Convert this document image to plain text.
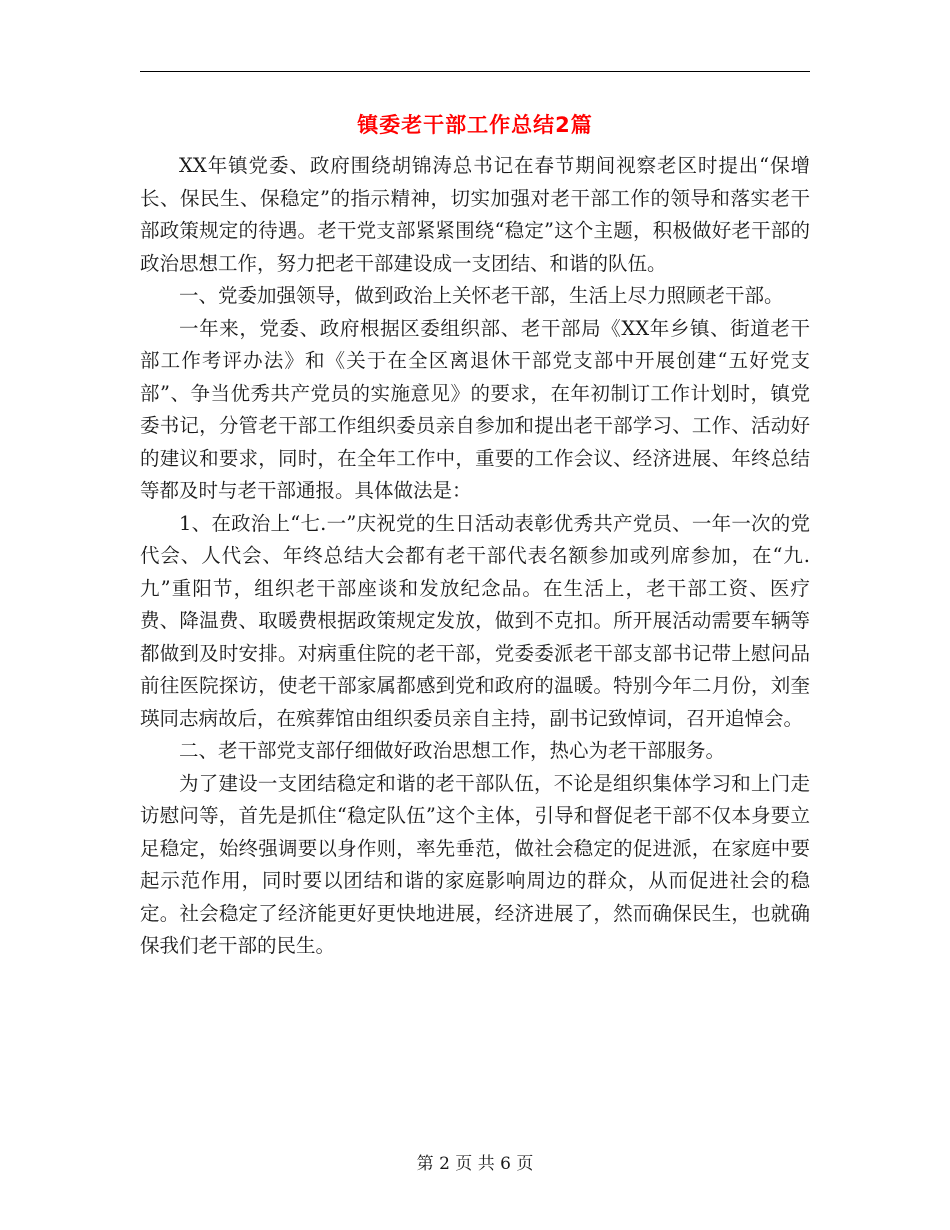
镇委老干部工作总结2篇

XX年镇党委、政府围绕胡锦涛总书记在春节期间视察老区时提出“保增长、保民生、保稳定”的指示精神，切实加强对老干部工作的领导和落实老干部政策规定的待遇。老干党支部紧紧围绕“稳定”这个主题，积极做好老干部的政治思想工作，努力把老干部建设成一支团结、和谐的队伍。

一、党委加强领导，做到政治上关怀老干部，生活上尽力照顾老干部。

一年来，党委、政府根据区委组织部、老干部局《XX年乡镇、街道老干部工作考评办法》和《关于在全区离退休干部党支部中开展创建“五好党支部”、争当优秀共产党员的实施意见》的要求，在年初制订工作计划时，镇党委书记，分管老干部工作组织委员亲自参加和提出老干部学习、工作、活动好的建议和要求，同时，在全年工作中，重要的工作会议、经济进展、年终总结等都及时与老干部通报。具体做法是：

1、在政治上“七.一”庆祝党的生日活动表彰优秀共产党员、一年一次的党代会、人代会、年终总结大会都有老干部代表名额参加或列席参加，在“九.九”重阳节，组织老干部座谈和发放纪念品。在生活上，老干部工资、医疗费、降温费、取暖费根据政策规定发放，做到不克扣。所开展活动需要车辆等都做到及时安排。对病重住院的老干部，党委委派老干部支部书记带上慰问品前往医院探访，使老干部家属都感到党和政府的温暖。特别今年二月份，刘奎瑛同志病故后，在殡葬馆由组织委员亲自主持，副书记致悼词，召开追悼会。

二、老干部党支部仔细做好政治思想工作，热心为老干部服务。

为了建设一支团结稳定和谐的老干部队伍，不论是组织集体学习和上门走访慰问等，首先是抓住“稳定队伍”这个主体，引导和督促老干部不仅本身要立足稳定，始终强调要以身作则，率先垂范，做社会稳定的促进派，在家庭中要起示范作用，同时要以团结和谐的家庭影响周边的群众，从而促进社会的稳定。社会稳定了经济能更好更快地进展，经济进展了，然而确保民生，也就确保我们老干部的民生。

第 2 页 共 6 页
